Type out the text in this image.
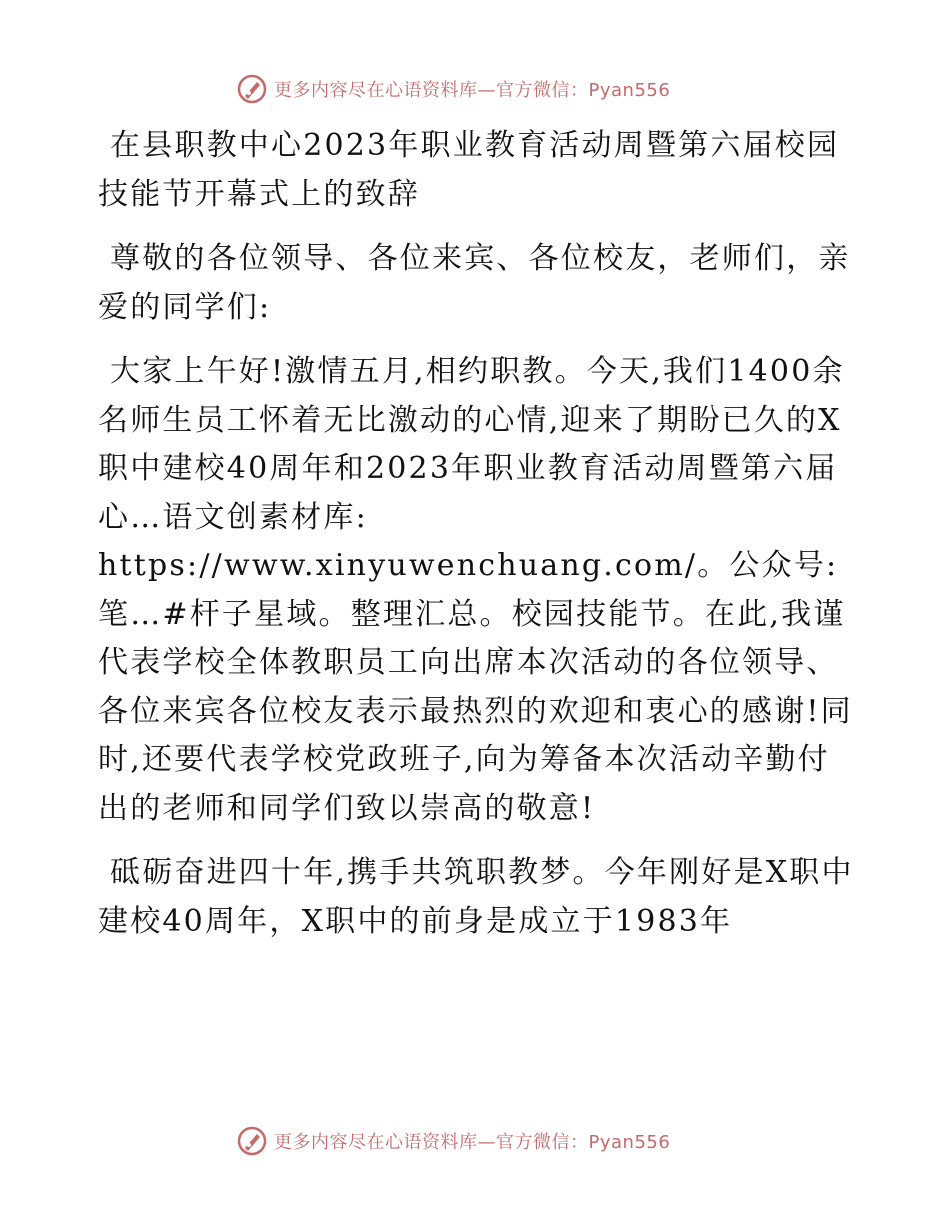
更多内容尽在心语资料库—官方微信：Pyan556

在县职教中心2023年职业教育活动周暨第六届校园技能节开幕式上的致辞

尊敬的各位领导、各位来宾、各位校友，老师们，亲爱的同学们:

大家上午好!激情五月,相约职教。今天,我们1400余名师生员工怀着无比激动的心情,迎来了期盼已久的X职中建校40周年和2023年职业教育活动周暨第六届心…语文创素材库: https://www.xinyuwenchuang.com/。公众号: 笔…#杆子星域。整理汇总。校园技能节。在此,我谨代表学校全体教职员工向出席本次活动的各位领导、各位来宾各位校友表示最热烈的欢迎和衷心的感谢!同时,还要代表学校党政班子,向为筹备本次活动辛勤付出的老师和同学们致以崇高的敬意!

砥砺奋进四十年,携手共筑职教梦。今年刚好是X职中建校40周年，X职中的前身是成立于1983年

更多内容尽在心语资料库—官方微信：Pyan556
